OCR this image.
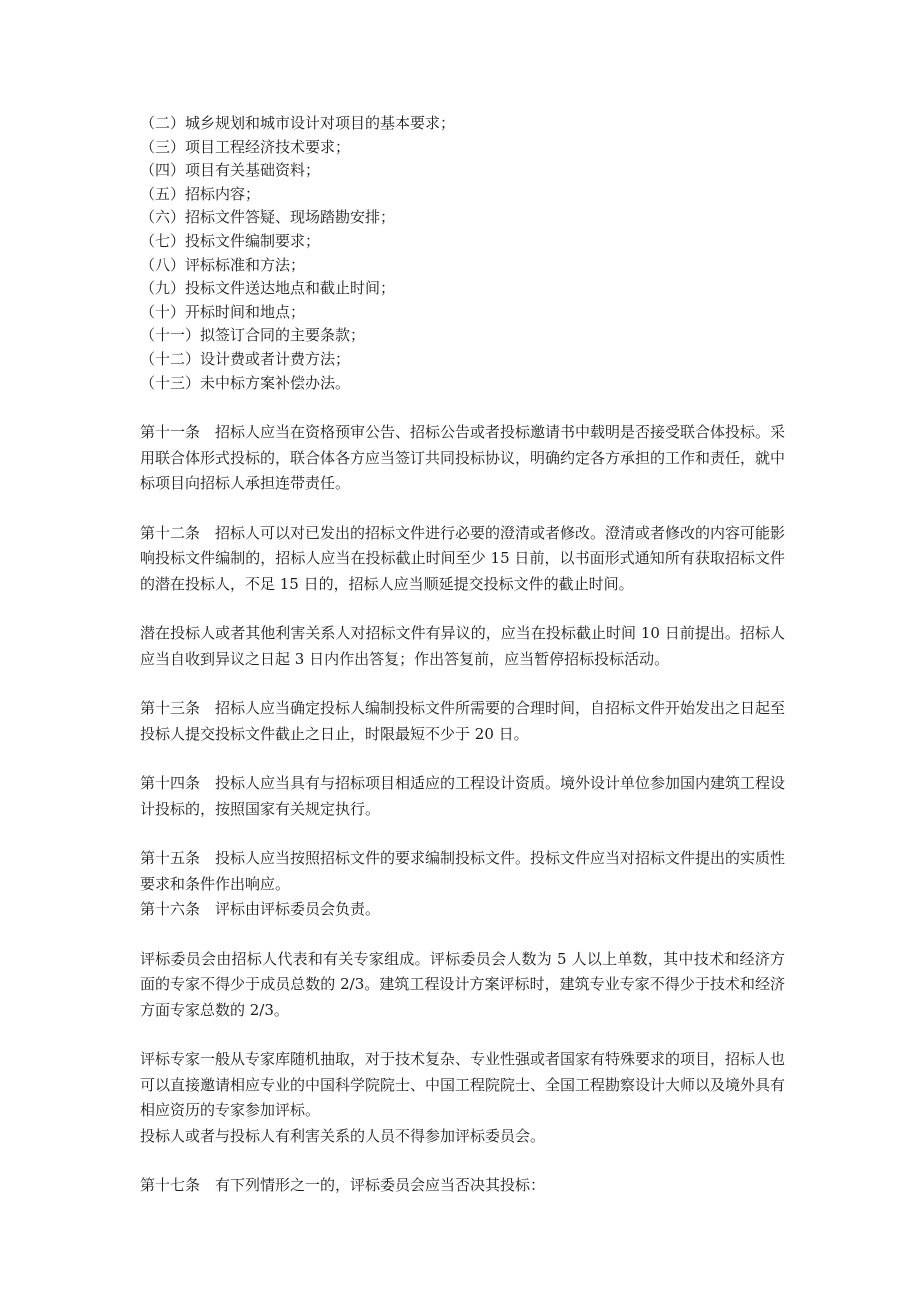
（二）城乡规划和城市设计对项目的基本要求；
（三）项目工程经济技术要求；
（四）项目有关基础资料；
（五）招标内容；
（六）招标文件答疑、现场踏勘安排；
（七）投标文件编制要求；
（八）评标标准和方法；
（九）投标文件送达地点和截止时间；
（十）开标时间和地点；
（十一）拟签订合同的主要条款；
（十二）设计费或者计费方法；
（十三）未中标方案补偿办法。
第十一条　招标人应当在资格预审公告、招标公告或者投标邀请书中载明是否接受联合体投标。采用联合体形式投标的，联合体各方应当签订共同投标协议，明确约定各方承担的工作和责任，就中标项目向招标人承担连带责任。
第十二条　招标人可以对已发出的招标文件进行必要的澄清或者修改。澄清或者修改的内容可能影响投标文件编制的，招标人应当在投标截止时间至少 15 日前，以书面形式通知所有获取招标文件的潜在投标人，不足 15 日的，招标人应当顺延提交投标文件的截止时间。
潜在投标人或者其他利害关系人对招标文件有异议的，应当在投标截止时间 10 日前提出。招标人应当自收到异议之日起 3 日内作出答复；作出答复前，应当暂停招标投标活动。
第十三条　招标人应当确定投标人编制投标文件所需要的合理时间，自招标文件开始发出之日起至投标人提交投标文件截止之日止，时限最短不少于 20 日。
第十四条　投标人应当具有与招标项目相适应的工程设计资质。境外设计单位参加国内建筑工程设计投标的，按照国家有关规定执行。
第十五条　投标人应当按照招标文件的要求编制投标文件。投标文件应当对招标文件提出的实质性要求和条件作出响应。
第十六条　评标由评标委员会负责。
评标委员会由招标人代表和有关专家组成。评标委员会人数为 5 人以上单数，其中技术和经济方面的专家不得少于成员总数的 2/3。建筑工程设计方案评标时，建筑专业专家不得少于技术和经济方面专家总数的 2/3。
评标专家一般从专家库随机抽取，对于技术复杂、专业性强或者国家有特殊要求的项目，招标人也可以直接邀请相应专业的中国科学院院士、中国工程院院士、全国工程勘察设计大师以及境外具有相应资历的专家参加评标。
投标人或者与投标人有利害关系的人员不得参加评标委员会。
第十七条　有下列情形之一的，评标委员会应当否决其投标：
